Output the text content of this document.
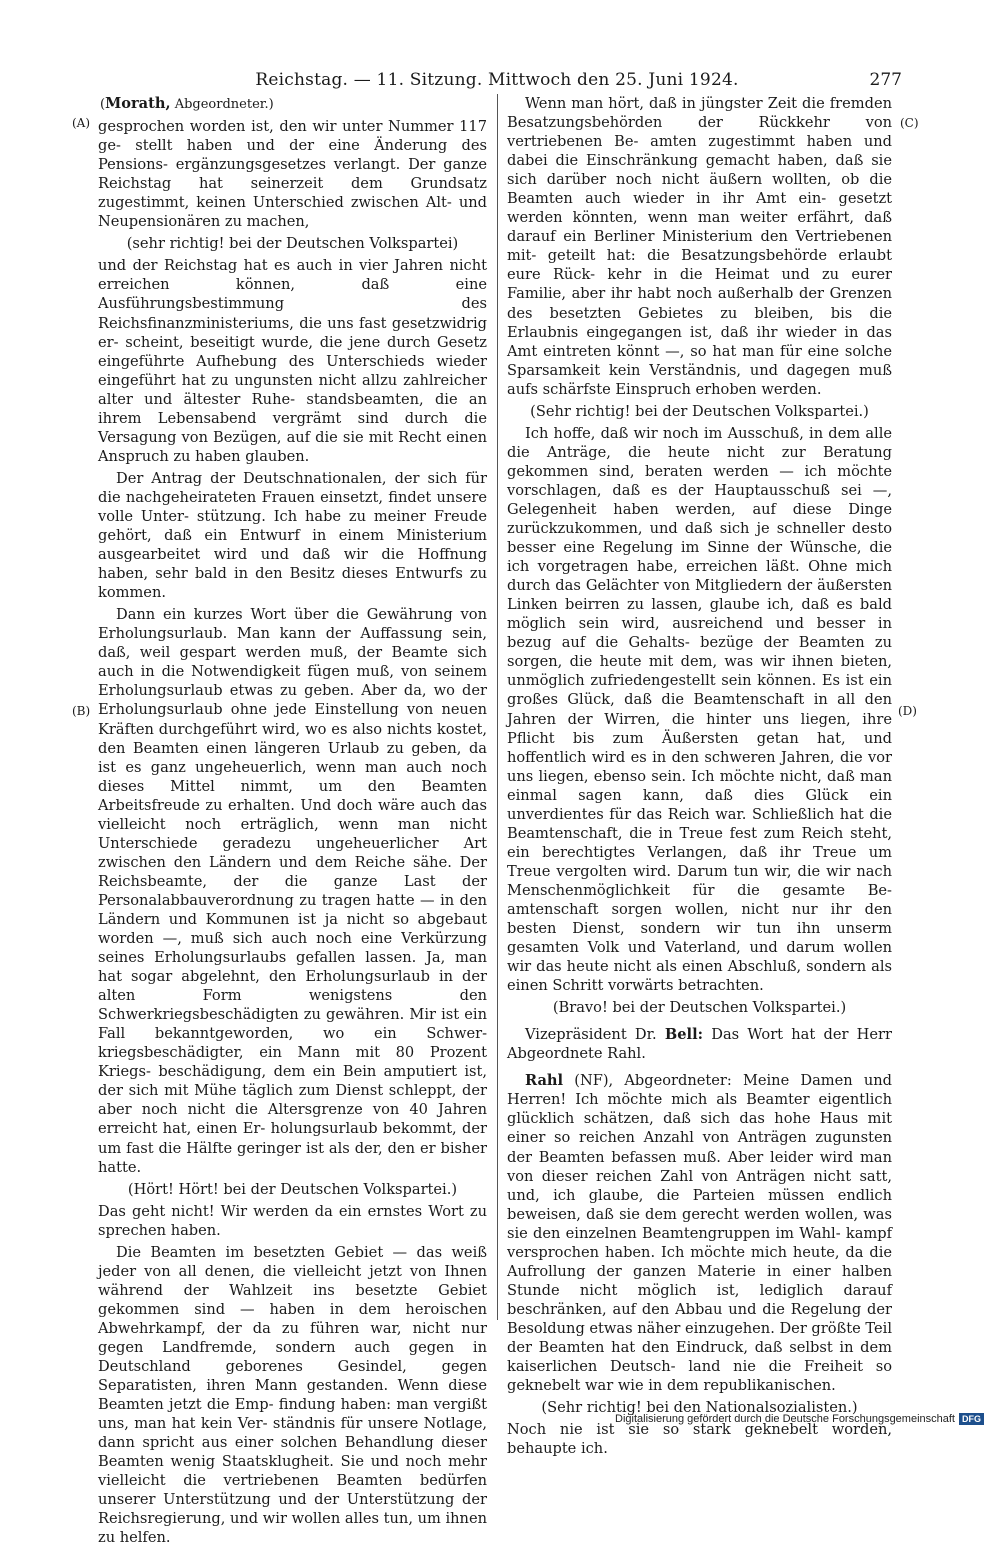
Reichstag. — 11. Sitzung. Mittwoch den 25. Juni 1924.	277
(A)
(B)
(C)
(D)
(Morath, Abgeordneter.)

gesprochen worden ist, den wir unter Nummer 117 ge- stellt haben und der eine Änderung des Pensions- ergänzungsgesetzes verlangt. Der ganze Reichstag hat seinerzeit dem Grundsatz zugestimmt, keinen Unterschied zwischen Alt- und Neupensionären zu machen,

(sehr richtig! bei der Deutschen Volkspartei)

und der Reichstag hat es auch in vier Jahren nicht erreichen können, daß eine Ausführungsbestimmung des Reichsfinanzministeriums, die uns fast gesetzwidrig er- scheint, beseitigt wurde, die jene durch Gesetz eingeführte Aufhebung des Unterschieds wieder eingeführt hat zu ungunsten nicht allzu zahlreicher alter und ältester Ruhe- standsbeamten, die an ihrem Lebensabend vergrämt sind durch die Versagung von Bezügen, auf die sie mit Recht einen Anspruch zu haben glauben.

Der Antrag der Deutschnationalen, der sich für die nachgeheirateten Frauen einsetzt, findet unsere volle Unter- stützung. Ich habe zu meiner Freude gehört, daß ein Entwurf in einem Ministerium ausgearbeitet wird und daß wir die Hoffnung haben, sehr bald in den Besitz dieses Entwurfs zu kommen.

Dann ein kurzes Wort über die Gewährung von Erholungsurlaub. Man kann der Auffassung sein, daß, weil gespart werden muß, der Beamte sich auch in die Notwendigkeit fügen muß, von seinem Erholungsurlaub etwas zu geben. Aber da, wo der Erholungsurlaub ohne jede Einstellung von neuen Kräften durchgeführt wird, wo es also nichts kostet, den Beamten einen längeren Urlaub zu geben, da ist es ganz ungeheuerlich, wenn man auch noch dieses Mittel nimmt, um den Beamten Arbeitsfreude zu erhalten. Und doch wäre auch das vielleicht noch erträglich, wenn man nicht Unterschiede geradezu ungeheuerlicher Art zwischen den Ländern und dem Reiche sähe. Der Reichsbeamte, der die ganze Last der Personalabbauverordnung zu tragen hatte — in den Ländern und Kommunen ist ja nicht so abgebaut worden —, muß sich auch noch eine Verkürzung seines Erholungsurlaubs gefallen lassen. Ja, man hat sogar abgelehnt, den Erholungsurlaub in der alten Form wenigstens den Schwerkriegsbeschädigten zu gewähren. Mir ist ein Fall bekanntgeworden, wo ein Schwer- kriegsbeschädigter, ein Mann mit 80 Prozent Kriegs- beschädigung, dem ein Bein amputiert ist, der sich mit Mühe täglich zum Dienst schleppt, der aber noch nicht die Altersgrenze von 40 Jahren erreicht hat, einen Er- holungsurlaub bekommt, der um fast die Hälfte geringer ist als der, den er bisher hatte.

(Hört! Hört! bei der Deutschen Volkspartei.)

Das geht nicht! Wir werden da ein ernstes Wort zu sprechen haben.

Die Beamten im besetzten Gebiet — das weiß jeder von all denen, die vielleicht jetzt von Ihnen während der Wahlzeit ins besetzte Gebiet gekommen sind — haben in dem heroischen Abwehrkampf, der da zu führen war, nicht nur gegen Landfremde, sondern auch gegen in Deutschland geborenes Gesindel, gegen Separatisten, ihren Mann gestanden. Wenn diese Beamten jetzt die Emp- findung haben: man vergißt uns, man hat kein Ver- ständnis für unsere Notlage, dann spricht aus einer solchen Behandlung dieser Beamten wenig Staatsklugheit. Sie und noch mehr vielleicht die vertriebenen Beamten bedürfen unserer Unterstützung und der Unterstützung der Reichsregierung, und wir wollen alles tun, um ihnen zu helfen.

Wenn man hört, daß in jüngster Zeit die fremden Besatzungsbehörden der Rückkehr von vertriebenen Be- amten zugestimmt haben und dabei die Einschränkung gemacht haben, daß sie sich darüber noch nicht äußern wollten, ob die Beamten auch wieder in ihr Amt ein- gesetzt werden könnten, wenn man weiter erfährt, daß darauf ein Berliner Ministerium den Vertriebenen mit- geteilt hat: die Besatzungsbehörde erlaubt eure Rück- kehr in die Heimat und zu eurer Familie, aber ihr habt noch außerhalb der Grenzen des besetzten Gebietes zu bleiben, bis die Erlaubnis eingegangen ist, daß ihr wieder in das Amt eintreten könnt —, so hat man für eine solche Sparsamkeit kein Verständnis, und dagegen muß aufs schärfste Einspruch erhoben werden.

(Sehr richtig! bei der Deutschen Volkspartei.)

Ich hoffe, daß wir noch im Ausschuß, in dem alle die Anträge, die heute nicht zur Beratung gekommen sind, beraten werden — ich möchte vorschlagen, daß es der Hauptausschuß sei —, Gelegenheit haben werden, auf diese Dinge zurückzukommen, und daß sich je schneller desto besser eine Regelung im Sinne der Wünsche, die ich vorgetragen habe, erreichen läßt. Ohne mich durch das Gelächter von Mitgliedern der äußersten Linken beirren zu lassen, glaube ich, daß es bald möglich sein wird, ausreichend und besser in bezug auf die Gehalts- bezüge der Beamten zu sorgen, die heute mit dem, was wir ihnen bieten, unmöglich zufriedengestellt sein können. Es ist ein großes Glück, daß die Beamtenschaft in all den Jahren der Wirren, die hinter uns liegen, ihre Pflicht bis zum Äußersten getan hat, und hoffentlich wird es in den schweren Jahren, die vor uns liegen, ebenso sein. Ich möchte nicht, daß man einmal sagen kann, daß dies Glück ein unverdientes für das Reich war. Schließlich hat die Beamtenschaft, die in Treue fest zum Reich steht, ein berechtigtes Verlangen, daß ihr Treue um Treue vergolten wird. Darum tun wir, die wir nach Menschenmöglichkeit für die gesamte Be- amtenschaft sorgen wollen, nicht nur ihr den besten Dienst, sondern wir tun ihn unserm gesamten Volk und Vaterland, und darum wollen wir das heute nicht als einen Abschluß, sondern als einen Schritt vorwärts betrachten.

(Bravo! bei der Deutschen Volkspartei.)

Vizepräsident Dr. Bell: Das Wort hat der Herr Abgeordnete Rahl.

Rahl (NF), Abgeordneter: Meine Damen und Herren! Ich möchte mich als Beamter eigentlich glücklich schätzen, daß sich das hohe Haus mit einer so reichen Anzahl von Anträgen zugunsten der Beamten befassen muß. Aber leider wird man von dieser reichen Zahl von Anträgen nicht satt, und, ich glaube, die Parteien müssen endlich beweisen, daß sie dem gerecht werden wollen, was sie den einzelnen Beamtengruppen im Wahl- kampf versprochen haben. Ich möchte mich heute, da die Aufrollung der ganzen Materie in einer halben Stunde nicht möglich ist, lediglich darauf beschränken, auf den Abbau und die Regelung der Besoldung etwas näher einzugehen. Der größte Teil der Beamten hat den Eindruck, daß selbst in dem kaiserlichen Deutsch- land nie die Freiheit so geknebelt war wie in dem republikanischen.

(Sehr richtig! bei den Nationalsozialisten.)

Noch nie ist sie so stark geknebelt worden, behaupte ich.

Digitalisierung gefördert durch die Deutsche Forschungsgemeinschaft DFG
